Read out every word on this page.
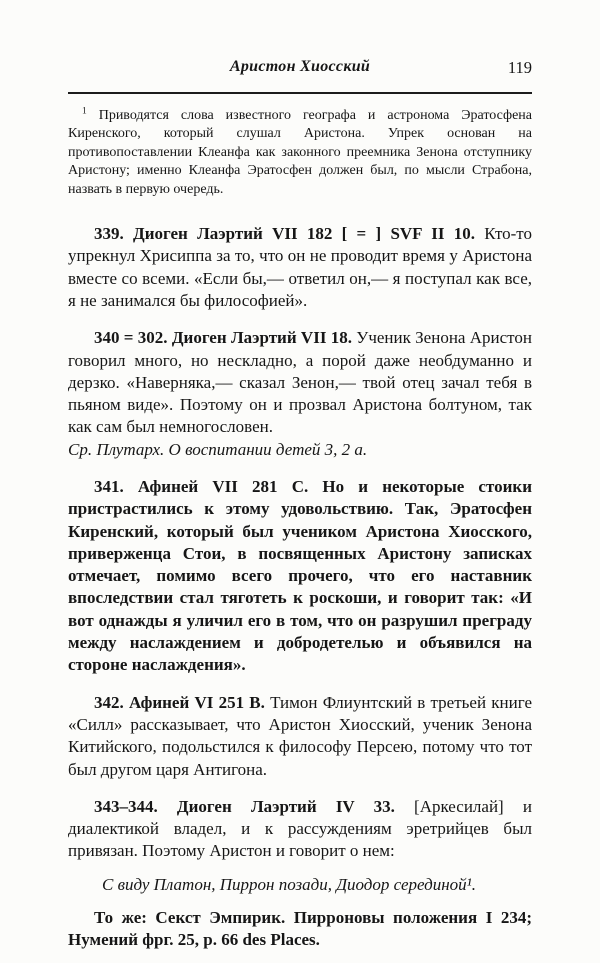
Аристон Хиосский	119

$^1$ Приводятся слова известного географа и астронома Эратосфена Киренского, который слушал Аристона. Упрек основан на противопоставлении Клеанфа как законного преемника Зенона отступнику Аристону; именно Клеанфа Эратосфен должен был, по мысли Страбона, назвать в первую очередь.

339. Диоген Лаэртий VII 182 [ = ] SVF II 10. Кто-то упрекнул Хрисиппа за то, что он не проводит время у Аристона вместе со всеми. «Если бы,— ответил он,— я поступал как все, я не занимался бы философией».

340 = 302. Диоген Лаэртий VII 18. Ученик Зенона Аристон говорил много, но нескладно, а порой даже необдуманно и дерзко. «Наверняка,— сказал Зенон,— твой отец зачал тебя в пьяном виде». Поэтому он и прозвал Аристона болтуном, так как сам был немногословен.

Ср. Плутарх. О воспитании детей 3, 2 а.

341. Афиней VII 281 C. Но и некоторые стоики пристрастились к этому удовольствию. Так, Эратосфен Киренский, который был учеником Аристона Хиосского, приверженца Стои, в посвященных Аристону записках отмечает, помимо всего прочего, что его наставник впоследствии стал тяготеть к роскоши, и говорит так: «И вот однажды я уличил его в том, что он разрушил преграду между наслаждением и добродетелью и объявился на стороне наслаждения».

342. Афиней VI 251 B. Тимон Флиунтский в третьей книге «Силл» рассказывает, что Аристон Хиосский, ученик Зенона Китийского, подольстился к философу Персею, потому что тот был другом царя Антигона.

343–344. Диоген Лаэртий IV 33. [Аркесилай] и диалектикой владел, и к рассуждениям эретрийцев был привязан. Поэтому Аристон и говорит о нем:

С виду Платон, Пиррон позади, Диодор серединой¹.

То же: Секст Эмпирик. Пирроновы положения I 234; Нумений фрг. 25, p. 66 des Places.
